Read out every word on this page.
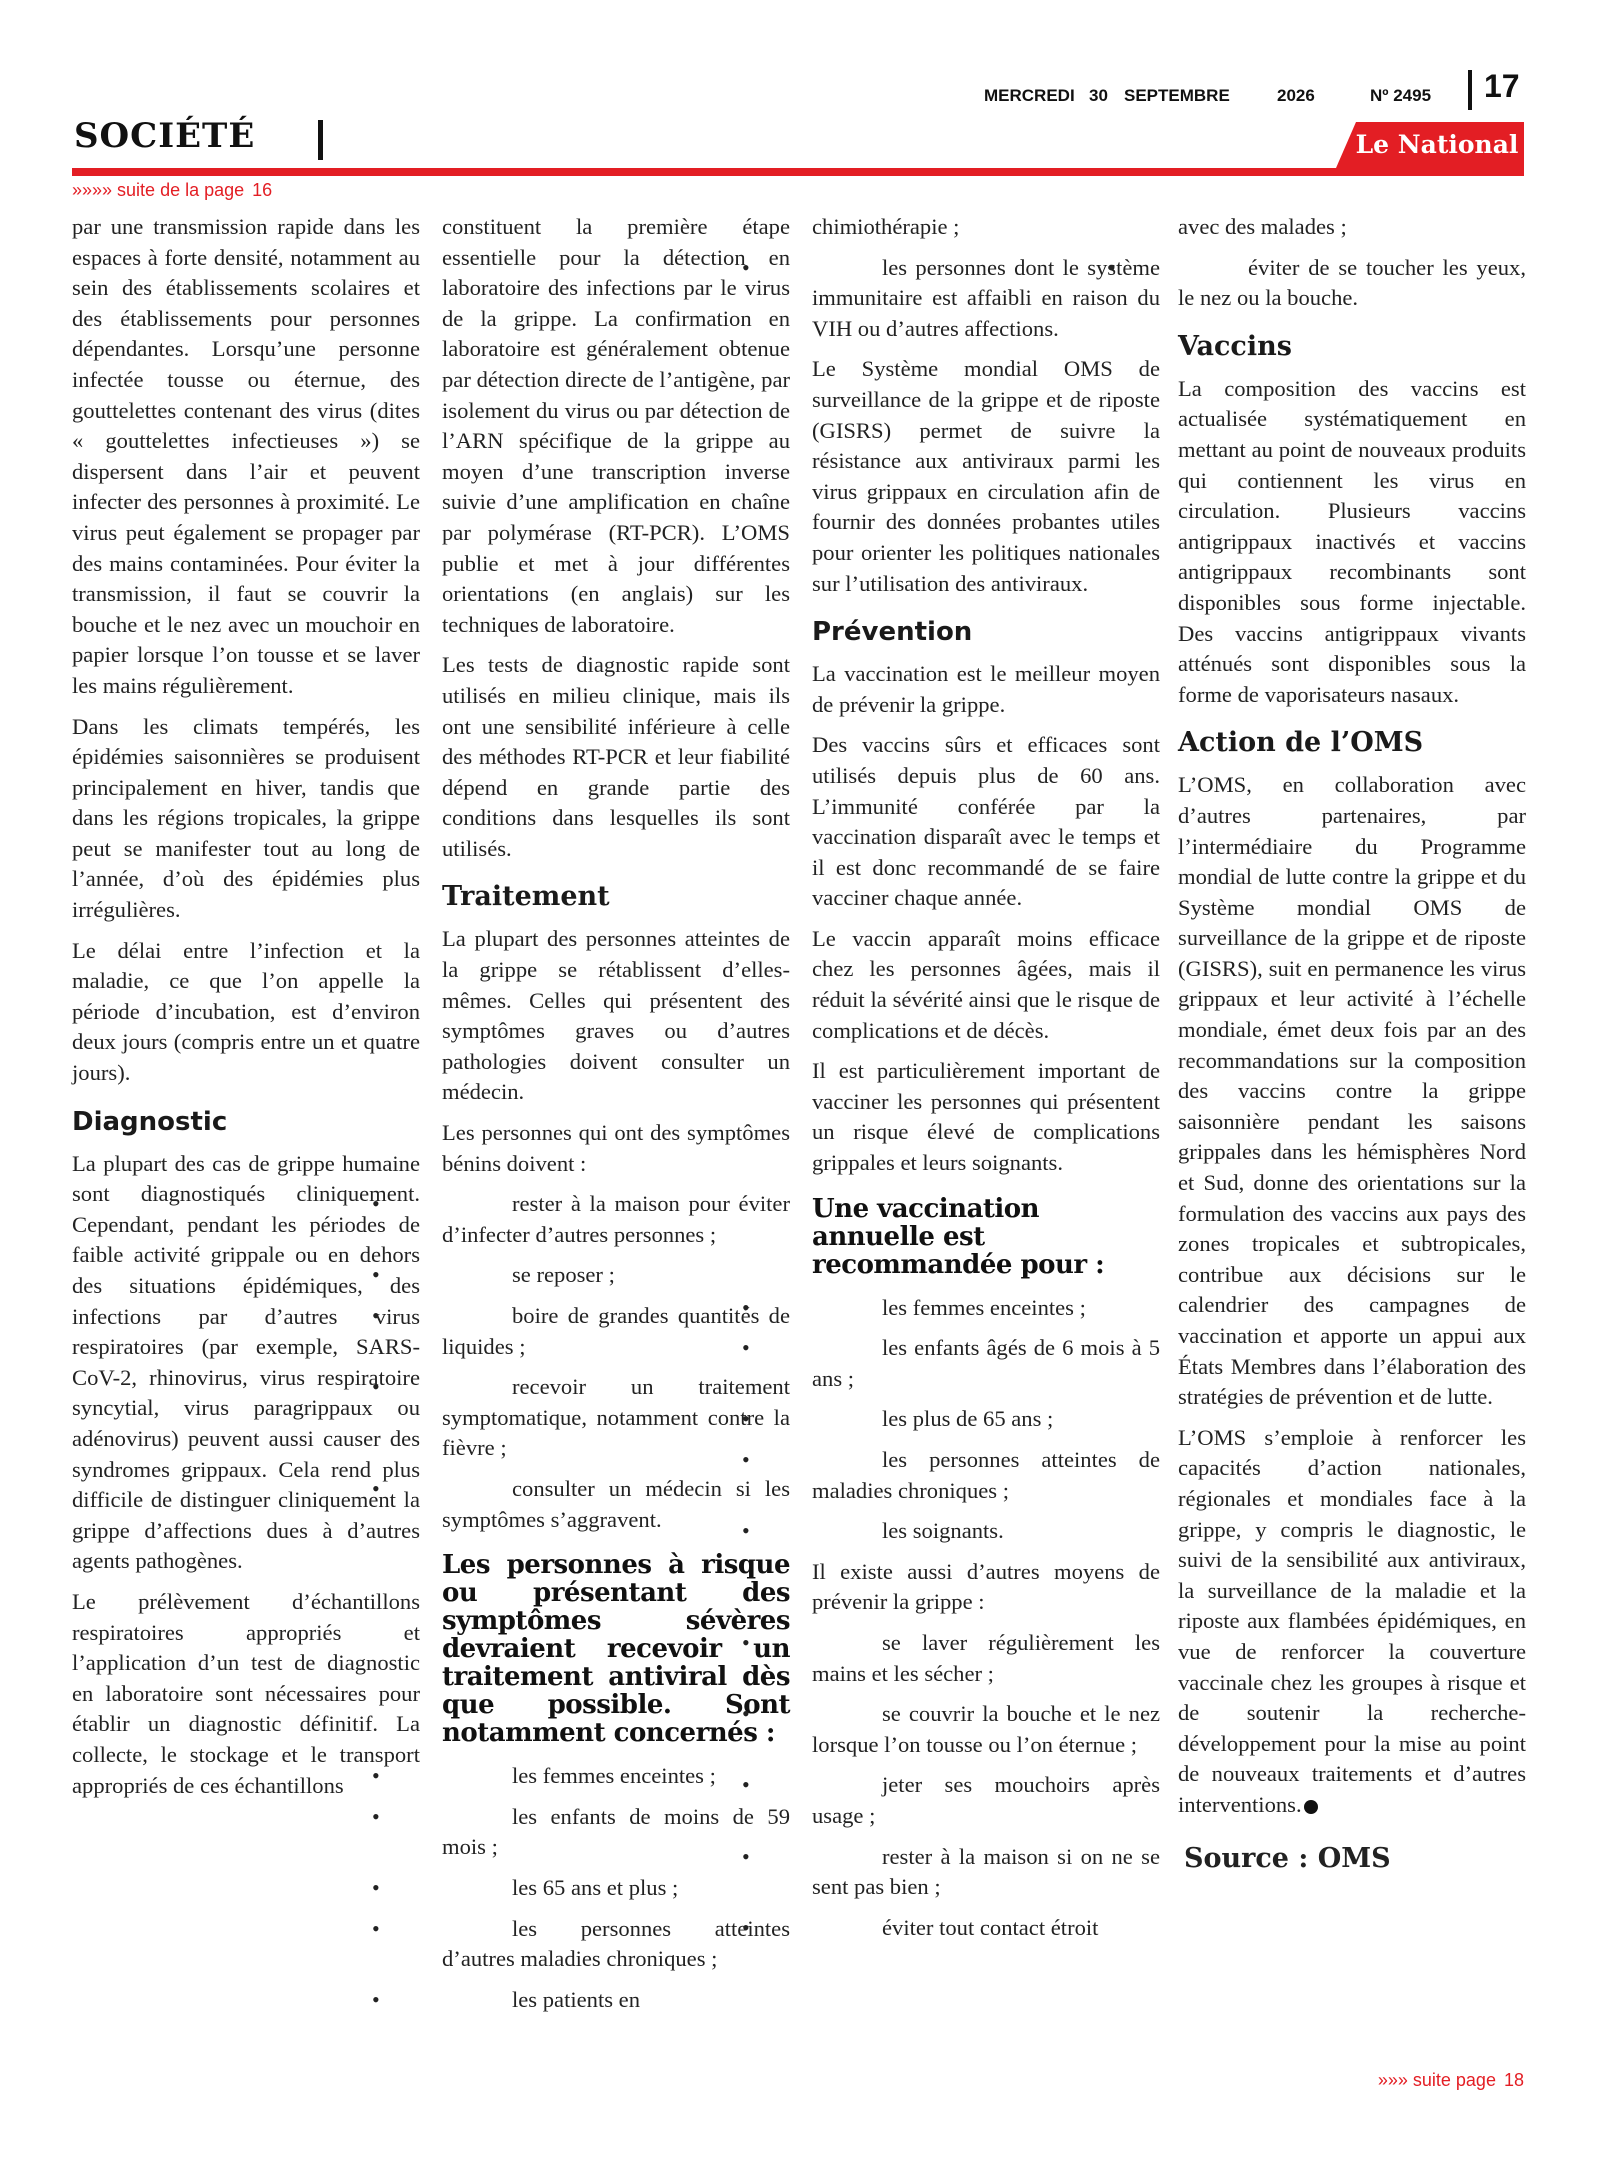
SOCIÉTÉ
MERCREDI 30 SEPTEMBRE	2026	Nº 2495 17
Le National
»»»» suite de la page 16

par une transmission rapide dans les espaces à forte densité, notamment au sein des établissements scolaires et des établissements pour personnes dépendantes. Lorsqu’une personne infectée tousse ou éternue, des gouttelettes contenant des virus (dites « gouttelettes infectieuses ») se dispersent dans l’air et peuvent infecter des personnes à proximité. Le virus peut également se propager par des mains contaminées. Pour éviter la transmission, il faut se couvrir la bouche et le nez avec un mouchoir en papier lorsque l’on tousse et se laver les mains régulièrement.

Dans les climats tempérés, les épidémies saisonnières se produisent principalement en hiver, tandis que dans les régions tropicales, la grippe peut se manifester tout au long de l’année, d’où des épidémies plus irrégulières.

Le délai entre l’infection et la maladie, ce que l’on appelle la période d’incubation, est d’environ deux jours (compris entre un et quatre jours).

Diagnostic

La plupart des cas de grippe humaine sont diagnostiqués cliniquement. Cependant, pendant les périodes de faible activité grippale ou en dehors des situations épidémiques, des infections par d’autres virus respiratoires (par exemple, SARS-CoV-2, rhinovirus, virus respiratoire syncytial, virus paragrippaux ou adénovirus) peuvent aussi causer des syndromes grippaux. Cela rend plus difficile de distinguer cliniquement la grippe d’affections dues à d’autres agents pathogènes.

Le prélèvement d’échantillons respiratoires appropriés et l’application d’un test de diagnostic en laboratoire sont nécessaires pour établir un diagnostic définitif. La collecte, le stockage et le transport appropriés de ces échantillons

constituent la première étape essentielle pour la détection en laboratoire des infections par le virus de la grippe. La confirmation en laboratoire est généralement obtenue par détection directe de l’antigène, par isolement du virus ou par détection de l’ARN spécifique de la grippe au moyen d’une transcription inverse suivie d’une amplification en chaîne par polymérase (RT-PCR). L’OMS publie et met à jour différentes orientations (en anglais) sur les techniques de laboratoire.

Les tests de diagnostic rapide sont utilisés en milieu clinique, mais ils ont une sensibilité inférieure à celle des méthodes RT-PCR et leur fiabilité dépend en grande partie des conditions dans lesquelles ils sont utilisés.

Traitement

La plupart des personnes atteintes de la grippe se rétablissent d’elles-mêmes. Celles qui présentent des symptômes graves ou d’autres pathologies doivent consulter un médecin.

Les personnes qui ont des symptômes bénins doivent :

• rester à la maison pour éviter d’infecter d’autres personnes ;
• se reposer ;
• boire de grandes quantités de liquides ;
• recevoir un traitement symptomatique, notamment contre la fièvre ;
• consulter un médecin si les symptômes s’aggravent.
Les personnes à risque ou présentant des symptômes sévères devraient recevoir un traitement antiviral dès que possible. Sont notamment concernés :
• les femmes enceintes ;
• les enfants de moins de 59 mois ;
• les 65 ans et plus ;
• les personnes atteintes d’autres maladies chroniques ;
• les patients en

chimiothérapie ;

• les personnes dont le système immunitaire est affaibli en raison du VIH ou d’autres affections.

Le Système mondial OMS de surveillance de la grippe et de riposte (GISRS) permet de suivre la résistance aux antiviraux parmi les virus grippaux en circulation afin de fournir des données probantes utiles pour orienter les politiques nationales sur l’utilisation des antiviraux.

Prévention

La vaccination est le meilleur moyen de prévenir la grippe.

Des vaccins sûrs et efficaces sont utilisés depuis plus de 60 ans. L’immunité conférée par la vaccination disparaît avec le temps et il est donc recommandé de se faire vacciner chaque année.

Le vaccin apparaît moins efficace chez les personnes âgées, mais il réduit la sévérité ainsi que le risque de complications et de décès.

Il est particulièrement important de vacciner les personnes qui présentent un risque élevé de complications grippales et leurs soignants.

Une vaccination annuelle est recommandée pour :
• les femmes enceintes ;
• les enfants âgés de 6 mois à 5 ans ;
• les plus de 65 ans ;
• les personnes atteintes de maladies chroniques ;
• les soignants.

Il existe aussi d’autres moyens de prévenir la grippe :

• se laver régulièrement les mains et les sécher ;
• se couvrir la bouche et le nez lorsque l’on tousse ou l’on éternue ;
• jeter ses mouchoirs après usage ;
• rester à la maison si on ne se sent pas bien ;
• éviter tout contact étroit

avec des malades ;

• éviter de se toucher les yeux, le nez ou la bouche.
Vaccins

La composition des vaccins est actualisée systématiquement en mettant au point de nouveaux produits qui contiennent les virus en circulation. Plusieurs vaccins antigrippaux inactivés et vaccins antigrippaux recombinants sont disponibles sous forme injectable. Des vaccins antigrippaux vivants atténués sont disponibles sous la forme de vaporisateurs nasaux.

Action de l’OMS

L’OMS, en collaboration avec d’autres partenaires, par l’intermédiaire du Programme mondial de lutte contre la grippe et du Système mondial OMS de surveillance de la grippe et de riposte (GISRS), suit en permanence les virus grippaux et leur activité à l’échelle mondiale, émet deux fois par an des recommandations sur la composition des vaccins contre la grippe saisonnière pendant les saisons grippales dans les hémisphères Nord et Sud, donne des orientations sur la formulation des vaccins aux pays des zones tropicales et subtropicales, contribue aux décisions sur le calendrier des campagnes de vaccination et apporte un appui aux États Membres dans l’élaboration des stratégies de prévention et de lutte.

L’OMS s’emploie à renforcer les capacités d’action nationales, régionales et mondiales face à la grippe, y compris le diagnostic, le suivi de la sensibilité aux antiviraux, la surveillance de la maladie et la riposte aux flambées épidémiques, en vue de renforcer la couverture vaccinale chez les groupes à risque et de soutenir la recherche-développement pour la mise au point de nouveaux traitements et d’autres interventions.

Source : OMS
»»» suite page 18
